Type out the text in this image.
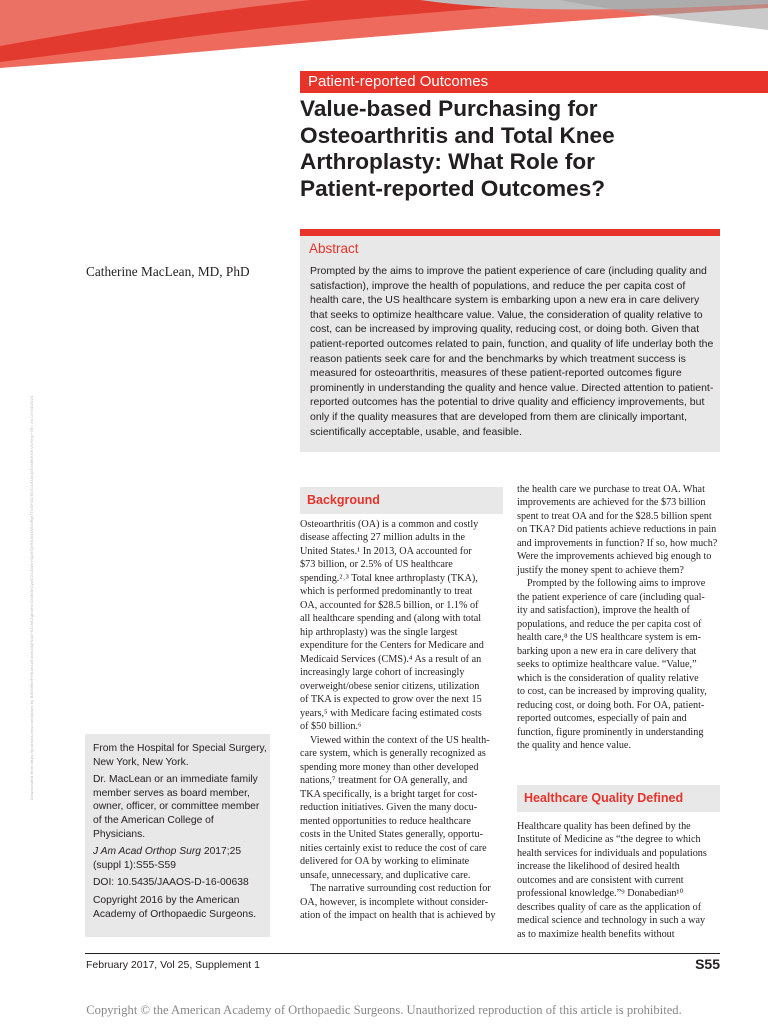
Patient-reported Outcomes
Value-based Purchasing for
Osteoarthritis and Total Knee
Arthroplasty: What Role for
Patient-reported Outcomes?
Catherine MacLean, MD, PhD
Abstract
Prompted by the aims to improve the patient experience of care (including quality and
satisfaction), improve the health of populations, and reduce the per capita cost of
health care, the US healthcare system is embarking upon a new era in care delivery
that seeks to optimize healthcare value. Value, the consideration of quality relative to
cost, can be increased by improving quality, reducing cost, or doing both. Given that
patient-reported outcomes related to pain, function, and quality of life underlay both the
reason patients seek care for and the benchmarks by which treatment success is
measured for osteoarthritis, measures of these patient-reported outcomes figure
prominently in understanding the quality and hence value. Directed attention to patient-
reported outcomes has the potential to drive quality and efficiency improvements, but
only if the quality measures that are developed from them are clinically important,
scientifically acceptable, usable, and feasible.
Background
Osteoarthritis (OA) is a common and costly
disease affecting 27 million adults in the
United States.¹ In 2013, OA accounted for
$73 billion, or 2.5% of US healthcare
spending.²˒³ Total knee arthroplasty (TKA),
which is performed predominantly to treat
OA, accounted for $28.5 billion, or 1.1% of
all healthcare spending and (along with total
hip arthroplasty) was the single largest
expenditure for the Centers for Medicare and
Medicaid Services (CMS).⁴ As a result of an
increasingly large cohort of increasingly
overweight/obese senior citizens, utilization
of TKA is expected to grow over the next 15
years,⁵ with Medicare facing estimated costs
of $50 billion.⁶
Viewed within the context of the US health-
care system, which is generally recognized as
spending more money than other developed
nations,⁷ treatment for OA generally, and
TKA specifically, is a bright target for cost-
reduction initiatives. Given the many docu-
mented opportunities to reduce healthcare
costs in the United States generally, opportu-
nities certainly exist to reduce the cost of care
delivered for OA by working to eliminate
unsafe, unnecessary, and duplicative care.
The narrative surrounding cost reduction for
OA, however, is incomplete without consider-
ation of the impact on health that is achieved by
the health care we purchase to treat OA. What
improvements are achieved for the $73 billion
spent to treat OA and for the $28.5 billion spent
on TKA? Did patients achieve reductions in pain
and improvements in function? If so, how much?
Were the improvements achieved big enough to
justify the money spent to achieve them?
Prompted by the following aims to improve
the patient experience of care (including qual-
ity and satisfaction), improve the health of
populations, and reduce the per capita cost of
health care,⁸ the US healthcare system is em-
barking upon a new era in care delivery that
seeks to optimize healthcare value. “Value,”
which is the consideration of quality relative
to cost, can be increased by improving quality,
reducing cost, or doing both. For OA, patient-
reported outcomes, especially of pain and
function, figure prominently in understanding
the quality and hence value.
Healthcare Quality Defined
Healthcare quality has been defined by the
Institute of Medicine as “the degree to which
health services for individuals and populations
increase the likelihood of desired health
outcomes and are consistent with current
professional knowledge.”⁹ Donabedian¹⁰
describes quality of care as the application of
medical science and technology in such a way
as to maximize health benefits without
From the Hospital for Special Surgery,
New York, New York.
Dr. MacLean or an immediate family
member serves as board member,
owner, officer, or committee member
of the American College of
Physicians.
J Am Acad Orthop Surg 2017;25
(suppl 1):S55-S59
DOI: 10.5435/JAAOS-D-16-00638
Copyright 2016 by the American
Academy of Orthopaedic Surgeons.
Downloaded from https://journals.lww.com/jaaos by BhDMf5ePHKav1zEoum1tQfN4a+kJLhEZgbsIHo4XMi0hCywCX1AWnYQp/IlQrHD3i3D0OdRyi7TvSFl4Cf3VC4/OAVpDDa8KKGKV0Ymy+78= on 07/04/2024
February 2017, Vol 25, Supplement 1	S55
Copyright © the American Academy of Orthopaedic Surgeons. Unauthorized reproduction of this article is prohibited.
